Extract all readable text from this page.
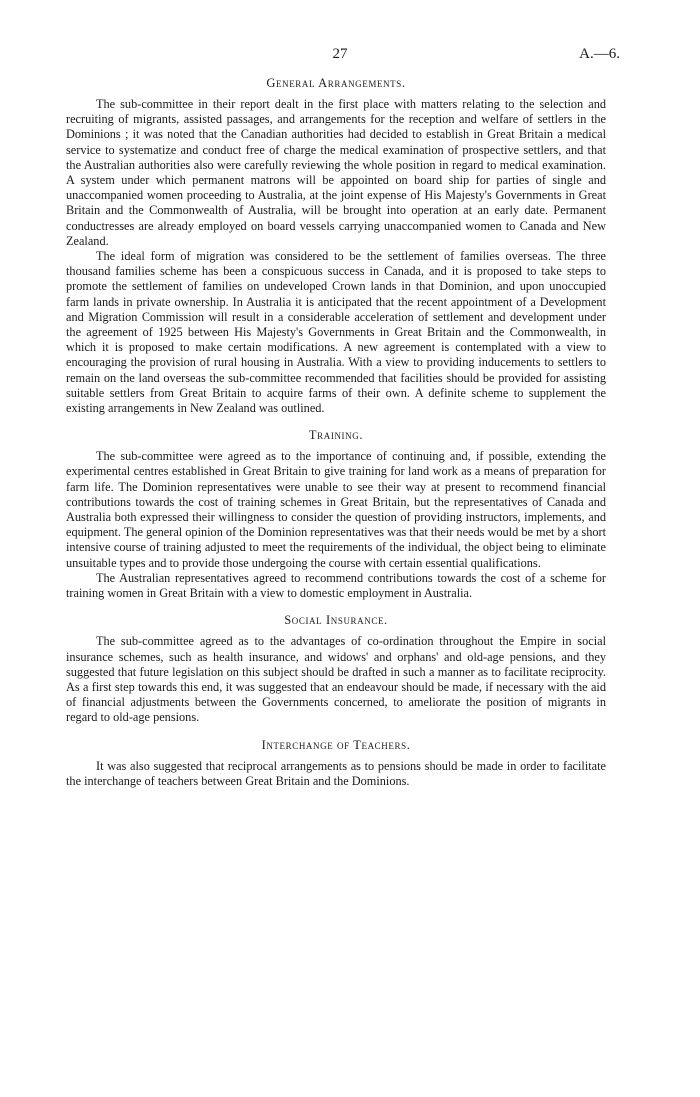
27	A.—6.
General Arrangements.

The sub-committee in their report dealt in the first place with matters relating to the selection and recruiting of migrants, assisted passages, and arrangements for the reception and welfare of settlers in the Dominions ; it was noted that the Canadian authorities had decided to establish in Great Britain a medical service to systematize and conduct free of charge the medical examination of prospective settlers, and that the Australian authorities also were carefully reviewing the whole position in regard to medical examination. A system under which permanent matrons will be appointed on board ship for parties of single and unaccompanied women proceeding to Australia, at the joint expense of His Majesty's Governments in Great Britain and the Commonwealth of Australia, will be brought into operation at an early date. Permanent conductresses are already employed on board vessels carrying unaccompanied women to Canada and New Zealand.

The ideal form of migration was considered to be the settlement of families overseas. The three thousand families scheme has been a conspicuous success in Canada, and it is proposed to take steps to promote the settlement of families on undeveloped Crown lands in that Dominion, and upon unoccupied farm lands in private ownership. In Australia it is anticipated that the recent appointment of a Development and Migration Commission will result in a considerable acceleration of settlement and development under the agreement of 1925 between His Majesty's Governments in Great Britain and the Commonwealth, in which it is proposed to make certain modifications. A new agreement is contemplated with a view to encouraging the provision of rural housing in Australia. With a view to providing inducements to settlers to remain on the land overseas the sub-committee recommended that facilities should be provided for assisting suitable settlers from Great Britain to acquire farms of their own. A definite scheme to supplement the existing arrangements in New Zealand was outlined.

Training.

The sub-committee were agreed as to the importance of continuing and, if possible, extending the experimental centres established in Great Britain to give training for land work as a means of preparation for farm life. The Dominion representatives were unable to see their way at present to recommend financial contributions towards the cost of training schemes in Great Britain, but the representatives of Canada and Australia both expressed their willingness to consider the question of providing instructors, implements, and equipment. The general opinion of the Dominion representatives was that their needs would be met by a short intensive course of training adjusted to meet the requirements of the individual, the object being to eliminate unsuitable types and to provide those undergoing the course with certain essential qualifications.

The Australian representatives agreed to recommend contributions towards the cost of a scheme for training women in Great Britain with a view to domestic employment in Australia.

Social Insurance.

The sub-committee agreed as to the advantages of co-ordination throughout the Empire in social insurance schemes, such as health insurance, and widows' and orphans' and old-age pensions, and they suggested that future legislation on this subject should be drafted in such a manner as to facilitate reciprocity. As a first step towards this end, it was suggested that an endeavour should be made, if necessary with the aid of financial adjustments between the Governments concerned, to ameliorate the position of migrants in regard to old-age pensions.

Interchange of Teachers.

It was also suggested that reciprocal arrangements as to pensions should be made in order to facilitate the interchange of teachers between Great Britain and the Dominions.
